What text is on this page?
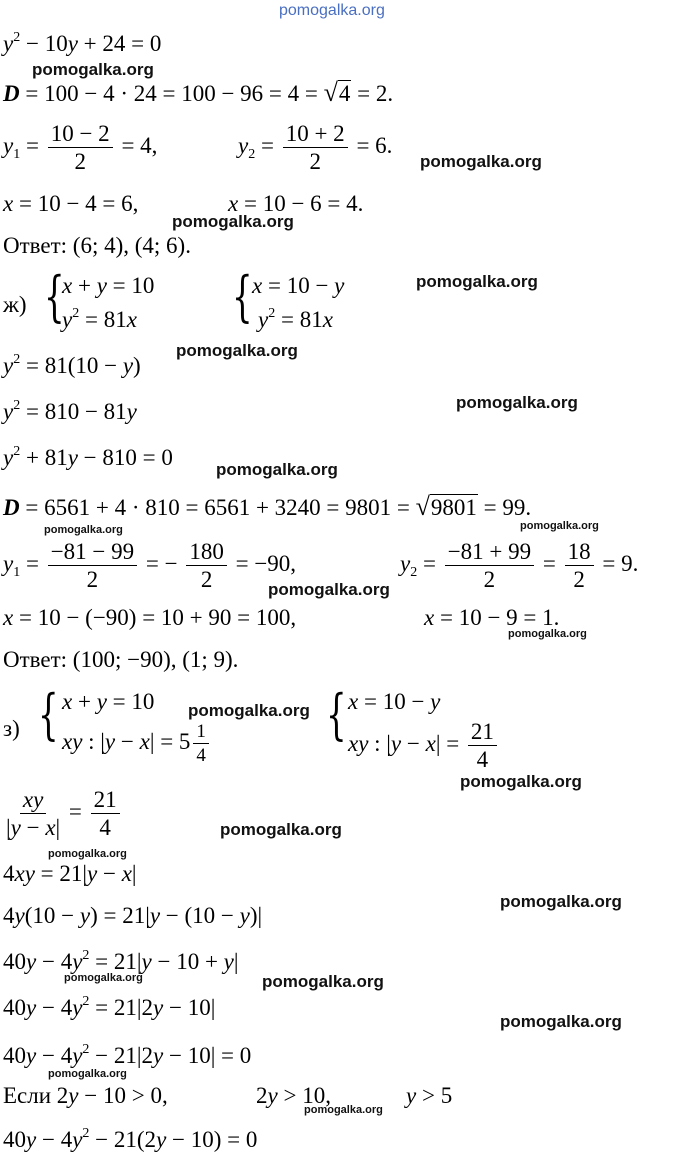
pomogalka.org
$y^2 - 10y + 24 = 0$
pomogalka.org
D = 100 − 4 · 24 = 100 − 96 = 4 = √4 = 2.
$y_1 = \frac{10 - 2}{2} = 4$,	$y_2 = \frac{10 + 2}{2} = 6$.
pomogalka.org
x = 10 − 4 = 6,	x = 10 − 6 = 4.
pomogalka.org
Ответ: (6; 4), (4; 6).
ж) {
x + y = 10
$y^2 = 81x$ { x = 10 − y
$y^2 = 81x$
pomogalka.org
$y^2 = 81(10 - y)$
pomogalka.org
$y^2 = 810 - 81y$	pomogalka.org
$y^2 + 81y - 810 = 0$	pomogalka.org
D = 6561 + 4 · 810 = 6561 + 3240 = 9801 = √9801 = 99.
pomogalka.org	pomogalka.org
$y_1 = \frac{-81 - 99}{2}$ = − $\frac{180}{2} = -90$,	$y_2 = \frac{-81 + 99}{2} = \frac{18}{2} = 9$.
pomogalka.org
x = 10 − (−90) = 10 + 90 = 100,	x = 10 − 9 = 1.
pomogalka.org
Ответ: (100; −90), (1; 9).
з) { x + y = 10
xy : $|y - x| = 5 \frac{1}{4}$
pomogalka.org { x = 10 − y
xy : $|y - x| = \frac{21}{4}$
pomogalka.org
$\frac{xy}{|y - x|} = \frac{21}{4}$	pomogalka.org
pomogalka.org
4xy = 21|y − x|
4y(10 − y) = 21|y − (10 − y)|
pomogalka.org
$40y - 4y^2 = 21|y - 10 + y|$
pomogalka.org	pomogalka.org
$40y - 4y^2 = 21|2y - 10|$
pomogalka.org
$40y - 4y^2 - 21|2y - 10| = 0$
pomogalka.org
Если 2y − 10 > 0,	2y > 10,	y > 5
pomogalka.org
$40y - 4y^2 - 21(2y - 10) = 0$
